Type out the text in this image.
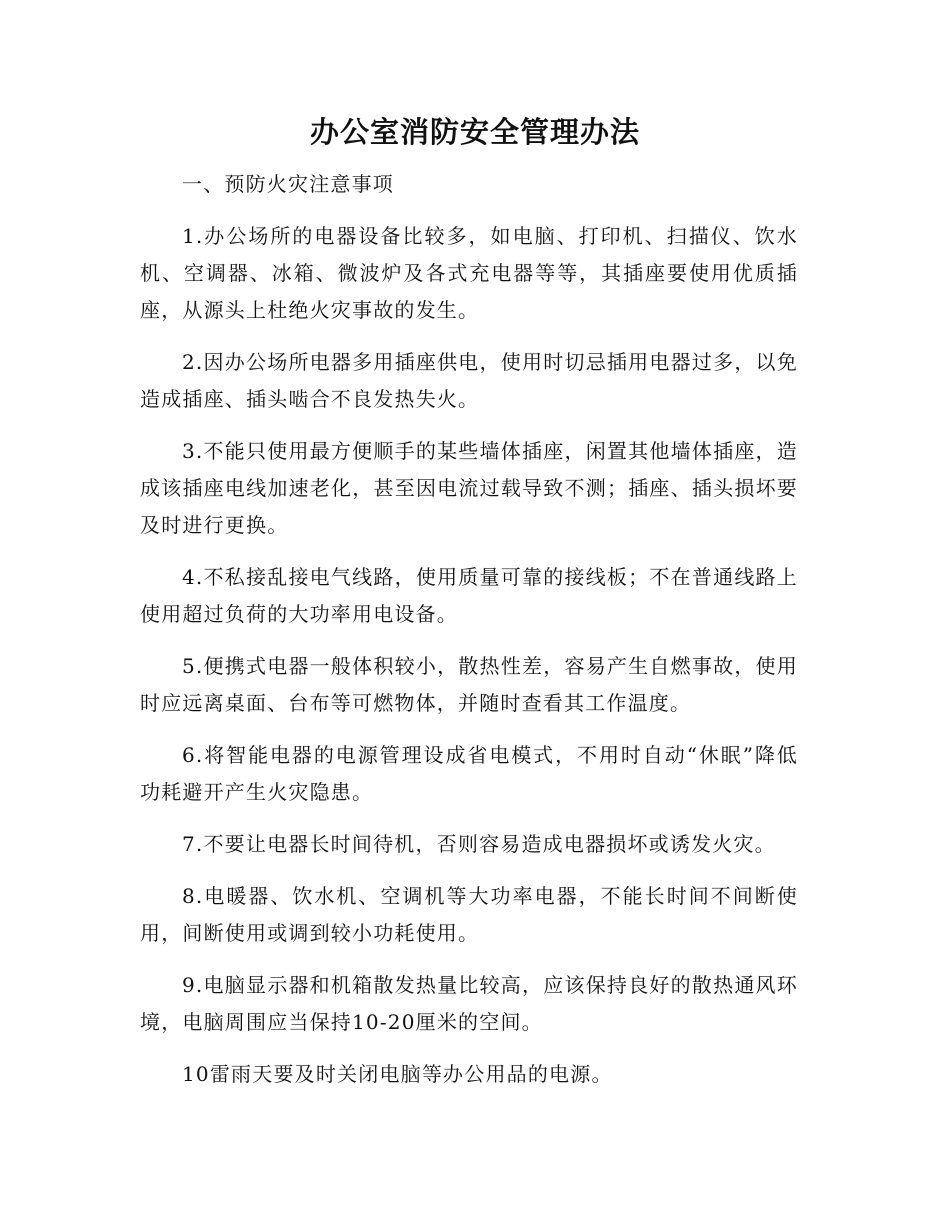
办公室消防安全管理办法

一、预防火灾注意事项

1.办公场所的电器设备比较多，如电脑、打印机、扫描仪、饮水机、空调器、冰箱、微波炉及各式充电器等等，其插座要使用优质插座，从源头上杜绝火灾事故的发生。

2.因办公场所电器多用插座供电，使用时切忌插用电器过多，以免造成插座、插头啮合不良发热失火。

3.不能只使用最方便顺手的某些墙体插座，闲置其他墙体插座，造成该插座电线加速老化，甚至因电流过载导致不测；插座、插头损坏要及时进行更换。

4.不私接乱接电气线路，使用质量可靠的接线板；不在普通线路上使用超过负荷的大功率用电设备。

5.便携式电器一般体积较小，散热性差，容易产生自燃事故，使用时应远离桌面、台布等可燃物体，并随时查看其工作温度。

6.将智能电器的电源管理设成省电模式，不用时自动“休眠”降低功耗避开产生火灾隐患。

7.不要让电器长时间待机，否则容易造成电器损坏或诱发火灾。

8.电暖器、饮水机、空调机等大功率电器，不能长时间不间断使用，间断使用或调到较小功耗使用。

9.电脑显示器和机箱散发热量比较高，应该保持良好的散热通风环境，电脑周围应当保持10-20厘米的空间。

10雷雨天要及时关闭电脑等办公用品的电源。
